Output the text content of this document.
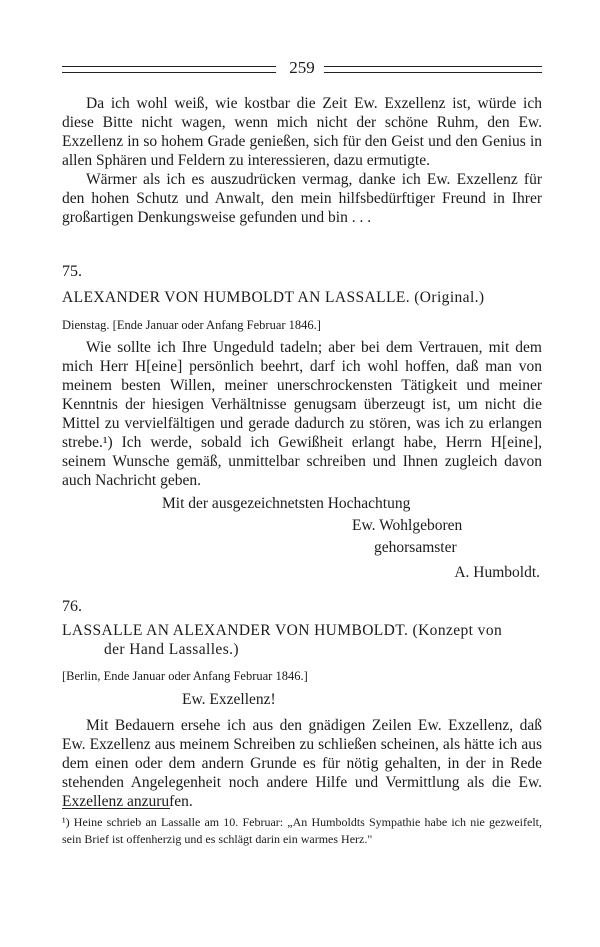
259

Da ich wohl weiß, wie kostbar die Zeit Ew. Exzellenz ist, würde ich diese Bitte nicht wagen, wenn mich nicht der schöne Ruhm, den Ew. Exzellenz in so hohem Grade genießen, sich für den Geist und den Genius in allen Sphären und Feldern zu interessieren, dazu ermutigte.

Wärmer als ich es auszudrücken vermag, danke ich Ew. Exzellenz für den hohen Schutz und Anwalt, den mein hilfsbedürftiger Freund in Ihrer großartigen Denkungsweise gefunden und bin . . .

75.

ALEXANDER VON HUMBOLDT AN LASSALLE. (Original.)

Dienstag. [Ende Januar oder Anfang Februar 1846.]

Wie sollte ich Ihre Ungeduld tadeln; aber bei dem Vertrauen, mit dem mich Herr H[eine] persönlich beehrt, darf ich wohl hoffen, daß man von meinem besten Willen, meiner unerschrockensten Tätigkeit und meiner Kenntnis der hiesigen Verhältnisse genugsam überzeugt ist, um nicht die Mittel zu vervielfältigen und gerade dadurch zu stören, was ich zu erlangen strebe.¹) Ich werde, sobald ich Gewißheit erlangt habe, Herrn H[eine], seinem Wunsche gemäß, unmittelbar schreiben und Ihnen zugleich davon auch Nachricht geben.

Mit der ausgezeichnetsten Hochachtung

Ew. Wohlgeboren

gehorsamster

A. Humboldt.

76.

LASSALLE AN ALEXANDER VON HUMBOLDT. (Konzept von
der Hand Lassalles.)

[Berlin, Ende Januar oder Anfang Februar 1846.]

Ew. Exzellenz!

Mit Bedauern ersehe ich aus den gnädigen Zeilen Ew. Exzellenz, daß Ew. Exzellenz aus meinem Schreiben zu schließen scheinen, als hätte ich aus dem einen oder dem andern Grunde es für nötig gehalten, in der in Rede stehenden Angelegenheit noch andere Hilfe und Vermittlung als die Ew. Exzellenz anzurufen.

¹) Heine schrieb an Lassalle am 10. Februar: „An Humboldts Sympathie habe ich nie gezweifelt, sein Brief ist offenherzig und es schlägt darin ein warmes Herz."
